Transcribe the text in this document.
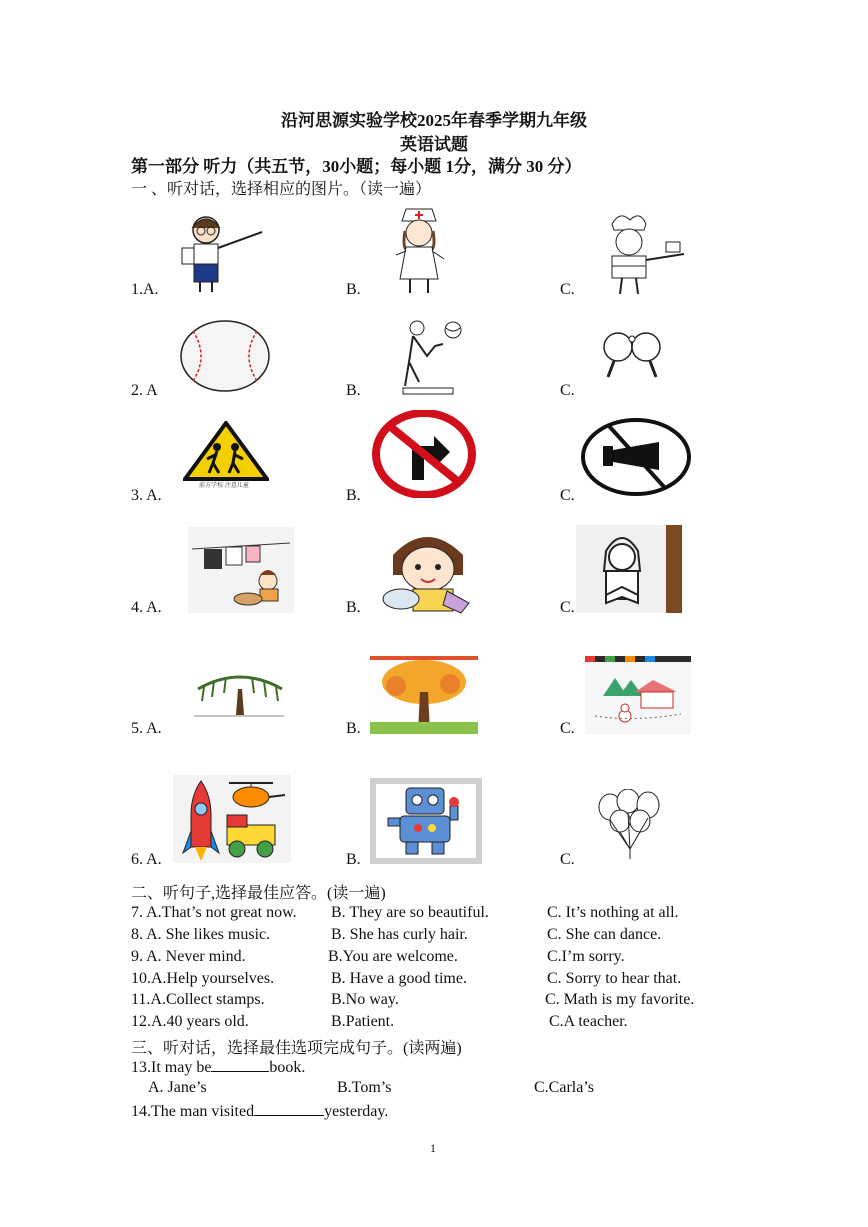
沿河思源实验学校2025年春季学期九年级
英语试题
第一部分 听力（共五节，30小题；每小题 1分，满分 30 分）
一 、听对话，选择相应的图片。（读一遍）
1.A.	B.	C.
2. A	B.	C.
3. A.	B.	C.
前方学校 注意儿童
4. A.	B.	C.
5. A.	B.	C.
6. A.	B.	C.
二、听句子,选择最佳应答。(读一遍)
7. A.That’s not great now. B. They are so beautiful.	C. It’s nothing at all.
8. A. She likes music.	B. She has curly hair.	C. She can dance.
9. A. Never mind.	B.You are welcome.	C.I’m sorry.
10.A.Help yourselves.	B. Have a good time.	C. Sorry to hear that.
11.A.Collect stamps.	B.No way.	C. Math is my favorite.
12.A.40 years old.	B.Patient.	C.A teacher.
三、听对话，选择最佳选项完成句子。(读两遍)
13.It may be	book.
A. Jane’s	B.Tom’s	C.Carla’s
14.The man visited	yesterday.
1
